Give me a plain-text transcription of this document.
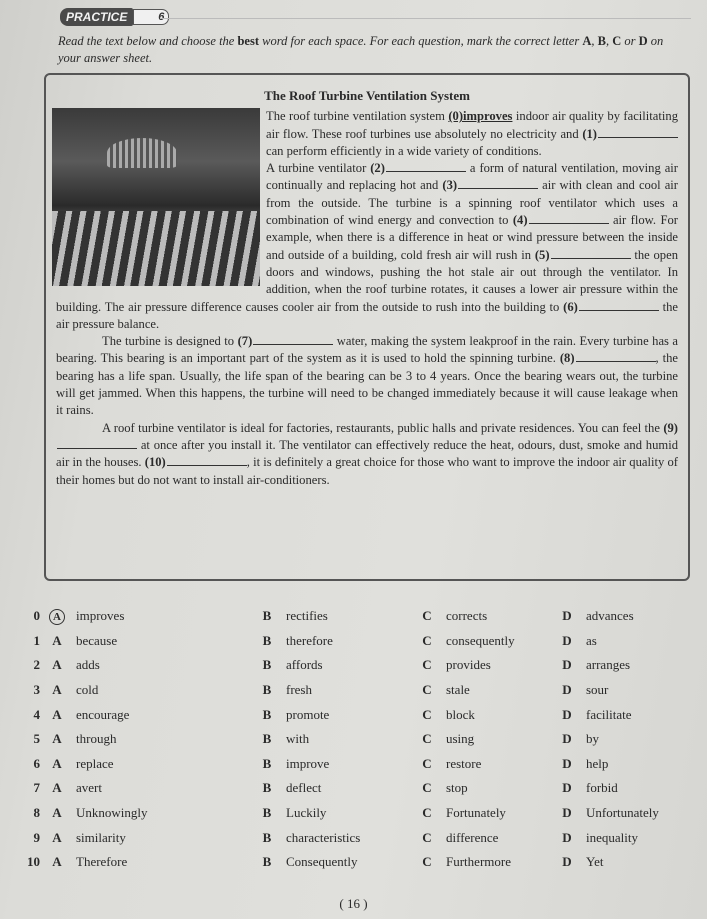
PRACTICE	6
Read the text below and choose the best word for each space. For each question, mark the correct letter A, B, C or D on your answer sheet.
The Roof Turbine Ventilation System

The roof turbine ventilation system (0)improves indoor air quality by facilitating air flow. These roof turbines use absolutely no electricity and (1) can perform efficiently in a wide variety of conditions.

A turbine ventilator (2)	a form of natural ventilation, moving air continually and replacing hot and (3)	air with clean and cool air from the outside. The turbine is a spinning roof ventilator which uses a combination of wind energy and convection to (4)	air flow. For example, when there is a difference in heat or wind pressure between the inside and outside of a building, cold fresh air will rush in (5)	the open doors and windows, pushing the hot stale air out through the ventilator. In addition, when the roof turbine rotates, it causes a lower air pressure within the building. The air pressure difference causes cooler air from the outside to rush into the building to (6)	the air pressure balance.

The turbine is designed to (7)	water, making the system leakproof in the rain. Every turbine has a bearing. This bearing is an important part of the system as it is used to hold the spinning turbine. (8)	, the bearing has a life span. Usually, the life span of the bearing can be 3 to 4 years. Once the bearing wears out, the turbine will get jammed. When this happens, the turbine will need to be changed immediately because it will cause leakage when it rains.

A roof turbine ventilator is ideal for factories, restaurants, public halls and private residences. You can feel the (9) at once after you install it. The ventilator can effectively reduce the heat, odours, dust, smoke and humid air in the houses. (10)	, it is definitely a great choice for those who want to improve the indoor air quality of their homes but do not want to install air-conditioners.

0	A	improves	B	rectifies	C	corrects	D	advances
1 A	because	B	therefore	C	consequently	D	as
2 A	adds	B	affords	C	provides	D	arranges
3 A	cold	B	fresh	C	stale	D	sour
4 A	encourage	B	promote	C	block	D	facilitate
5 A	through	B	with	C	using	D	by
6 A	replace	B	improve	C	restore	D	help
7 A	avert	B	deflect	C	stop	D	forbid
8 A	Unknowingly	B	Luckily	C	Fortunately	D	Unfortunately
9 A	similarity	B	characteristics	C	difference	D	inequality
10 A	Therefore	B	Consequently	C	Furthermore	D	Yet
( 16 )
